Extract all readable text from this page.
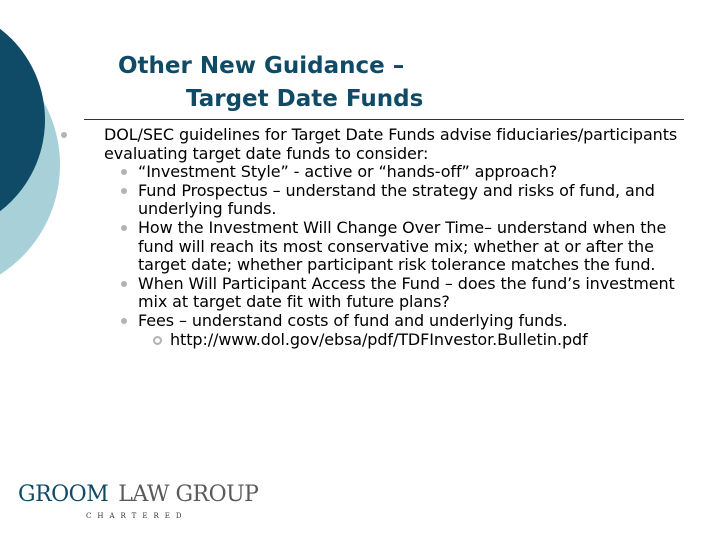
Other New Guidance –
Target Date Funds
DOL/SEC guidelines for Target Date Funds advise fiduciaries/participants evaluating target date funds to consider:
“Investment Style” - active or “hands-off” approach?
Fund Prospectus – understand the strategy and risks of fund, and underlying funds.
How the Investment Will Change Over Time– understand when the fund will reach its most conservative mix; whether at or after the target date; whether participant risk tolerance matches the fund.
When Will Participant Access the Fund – does the fund’s investment mix at target date fit with future plans?
Fees – understand costs of fund and underlying funds.
http://www.dol.gov/ebsa/pdf/TDFInvestor.Bulletin.pdf
GROOM LAW GROUP
CHARTERED
